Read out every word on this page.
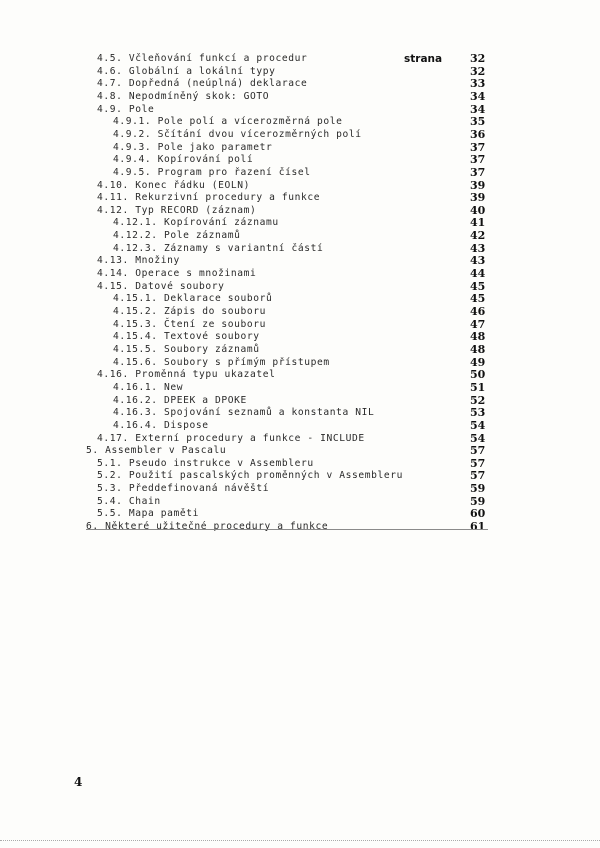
strana
4.5. Včleňování funkcí a procedur	32
4.6. Globální a lokální typy	32
4.7. Dopředná (neúplná) deklarace	33
4.8. Nepodmíněný skok: GOTO	34
4.9. Pole	34
4.9.1. Pole polí a vícerozměrná pole	35
4.9.2. Sčítání dvou vícerozměrných polí	36
4.9.3. Pole jako parametr	37
4.9.4. Kopírování polí	37
4.9.5. Program pro řazení čísel	37
4.10. Konec řádku (EOLN)	39
4.11. Rekurzivní procedury a funkce	39
4.12. Typ RECORD (záznam)	40
4.12.1. Kopírování záznamu	41
4.12.2. Pole záznamů	42
4.12.3. Záznamy s variantní částí	43
4.13. Množiny	43
4.14. Operace s množinami	44
4.15. Datové soubory	45
4.15.1. Deklarace souborů	45
4.15.2. Zápis do souboru	46
4.15.3. Čtení ze souboru	47
4.15.4. Textové soubory	48
4.15.5. Soubory záznamů	48
4.15.6. Soubory s přímým přístupem	49
4.16. Proměnná typu ukazatel	50
4.16.1. New	51
4.16.2. DPEEK a DPOKE	52
4.16.3. Spojování seznamů a konstanta NIL	53
4.16.4. Dispose	54
4.17. Externí procedury a funkce - INCLUDE	54
5. Assembler v Pascalu	57
5.1. Pseudo instrukce v Assembleru	57
5.2. Použití pascalských proměnných v Assembleru	57
5.3. Předdefinovaná návěští	59
5.4. Chain	59
5.5. Mapa paměti	60
6. Některé užitečné procedury a funkce	61
4
